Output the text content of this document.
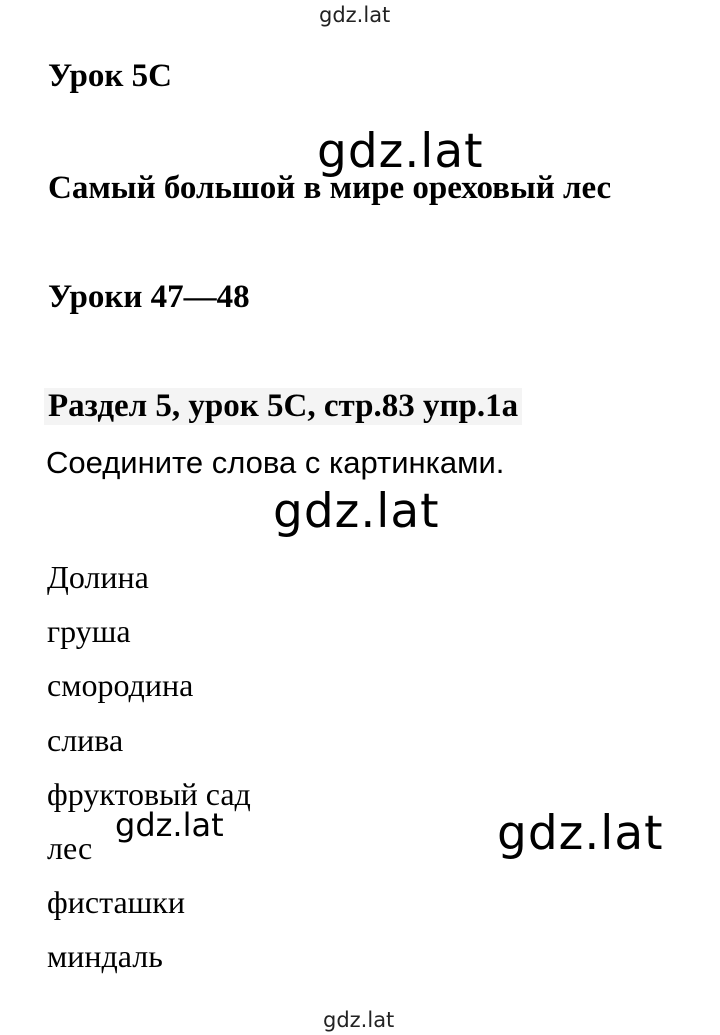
gdz.lat
Урок 5С
gdz.lat
Самый большой в мире ореховый лес
Уроки 47—48
Раздел 5, урок 5С, стр.83 упр.1а
Соедините слова с картинками.
gdz.lat
Долина
груша
смородина
слива
фруктовый сад
лес
фисташки
миндаль
gdz.lat	gdz.lat
gdz.lat
